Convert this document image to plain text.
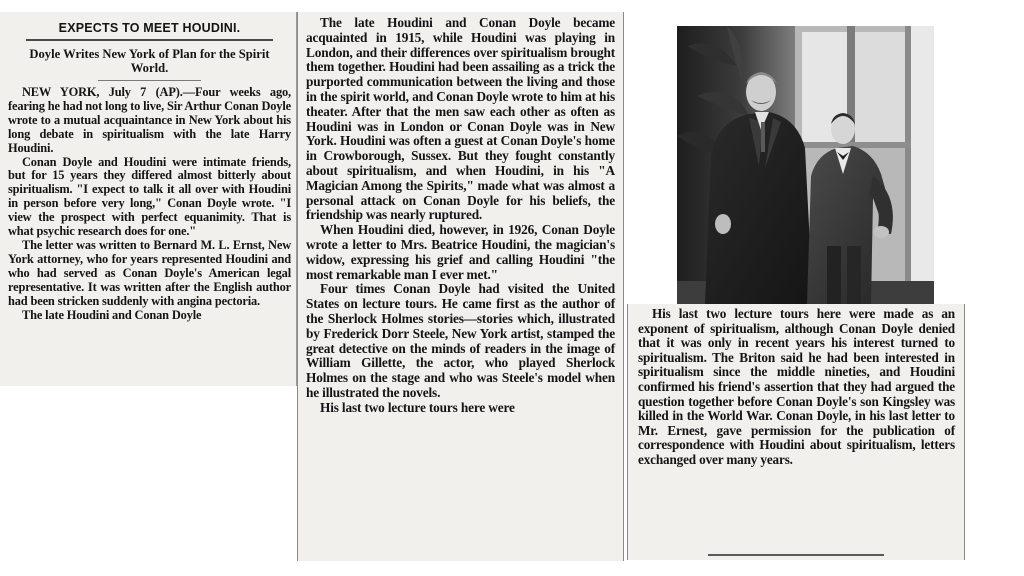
EXPECTS TO MEET HOUDINI.
Doyle Writes New York of Plan for the Spirit World.

NEW YORK, July 7 (AP).—Four weeks ago, fearing he had not long to live, Sir Arthur Conan Doyle wrote to a mutual acquaintance in New York about his long debate in spiritualism with the late Harry Houdini.

Conan Doyle and Houdini were intimate friends, but for 15 years they differed almost bitterly about spiritualism. "I expect to talk it all over with Houdini in person before very long," Conan Doyle wrote. "I view the prospect with perfect equanimity. That is what psychic research does for one."

The letter was written to Bernard M. L. Ernst, New York attorney, who for years represented Houdini and who had served as Conan Doyle's American legal representative. It was written after the English author had been stricken suddenly with angina pectoria.

The late Houdini and Conan Doyle

The late Houdini and Conan Doyle became acquainted in 1915, while Houdini was playing in London, and their differences over spiritualism brought them together. Houdini had been assailing as a trick the purported communication between the living and those in the spirit world, and Conan Doyle wrote to him at his theater. After that the men saw each other as often as Houdini was in London or Conan Doyle was in New York. Houdini was often a guest at Conan Doyle's home in Crowborough, Sussex. But they fought constantly about spiritualism, and when Houdini, in his "A Magician Among the Spirits," made what was almost a personal attack on Conan Doyle for his beliefs, the friendship was nearly ruptured.

When Houdini died, however, in 1926, Conan Doyle wrote a letter to Mrs. Beatrice Houdini, the magician's widow, expressing his grief and calling Houdini "the most remarkable man I ever met."

Four times Conan Doyle had visited the United States on lecture tours. He came first as the author of the Sherlock Holmes stories—stories which, illustrated by Frederick Dorr Steele, New York artist, stamped the great detective on the minds of readers in the image of William Gillette, the actor, who played Sherlock Holmes on the stage and who was Steele's model when he illustrated the novels.

His last two lecture tours here were

His last two lecture tours here were made as an exponent of spiritualism, although Conan Doyle denied that it was only in recent years his interest turned to spiritualism. The Briton said he had been interested in spiritualism since the middle nineties, and Houdini confirmed his friend's assertion that they had argued the question together before Conan Doyle's son Kingsley was killed in the World War. Conan Doyle, in his last letter to Mr. Ernest, gave permission for the publication of correspondence with Houdini about spiritualism, letters exchanged over many years.
